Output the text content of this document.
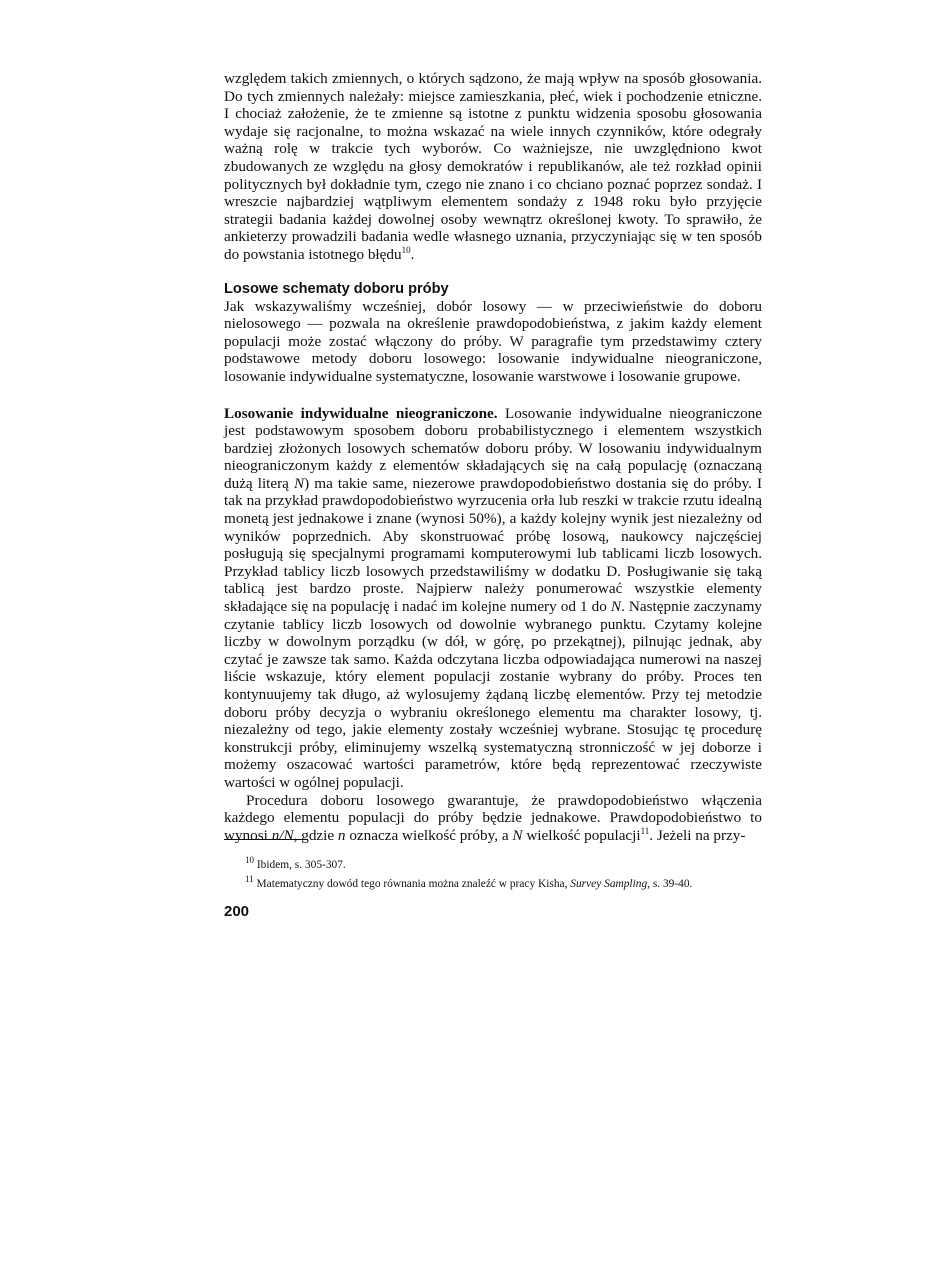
względem takich zmiennych, o których sądzono, że mają wpływ na sposób głosowania. Do tych zmiennych należały: miejsce zamieszkania, płeć, wiek i pochodzenie etniczne. I chociaż założenie, że te zmienne są istotne z punktu widzenia sposobu głosowania wydaje się racjonalne, to można wskazać na wiele innych czynników, które odegrały ważną rolę w trakcie tych wyborów. Co ważniejsze, nie uwzględniono kwot zbudowanych ze względu na głosy demokratów i republikanów, ale też rozkład opinii politycznych był dokładnie tym, czego nie znano i co chciano poznać poprzez sondaż. I wreszcie najbardziej wątpliwym elementem sondaży z 1948 roku było przyjęcie strategii badania każdej dowolnej osoby wewnątrz określonej kwoty. To sprawiło, że ankieterzy prowadzili badania wedle własnego uznania, przyczyniając się w ten sposób do powstania istotnego błędu$^{10}$.

Losowe schematy doboru próby

Jak wskazywaliśmy wcześniej, dobór losowy — w przeciwieństwie do doboru nielosowego — pozwala na określenie prawdopodobieństwa, z jakim każdy element populacji może zostać włączony do próby. W paragrafie tym przedstawimy cztery podstawowe metody doboru losowego: losowanie indywidualne nieograniczone, losowanie indywidualne systematyczne, losowanie warstwowe i losowanie grupowe.

Losowanie indywidualne nieograniczone. Losowanie indywidualne nieograniczone jest podstawowym sposobem doboru probabilistycznego i elementem wszystkich bardziej złożonych losowych schematów doboru próby. W losowaniu indywidualnym nieograniczonym każdy z elementów składających się na całą populację (oznaczaną dużą literą N) ma takie same, niezerowe prawdopodobieństwo dostania się do próby. I tak na przykład prawdopodobieństwo wyrzucenia orła lub reszki w trakcie rzutu idealną monetą jest jednakowe i znane (wynosi 50%), a każdy kolejny wynik jest niezależny od wyników poprzednich. Aby skonstruować próbę losową, naukowcy najczęściej posługują się specjalnymi programami komputerowymi lub tablicami liczb losowych. Przykład tablicy liczb losowych przedstawiliśmy w dodatku D. Posługiwanie się taką tablicą jest bardzo proste. Najpierw należy ponumerować wszystkie elementy składające się na populację i nadać im kolejne numery od 1 do N. Następnie zaczynamy czytanie tablicy liczb losowych od dowolnie wybranego punktu. Czytamy kolejne liczby w dowolnym porządku (w dół, w górę, po przekątnej), pilnując jednak, aby czytać je zawsze tak samo. Każda odczytana liczba odpowiadająca numerowi na naszej liście wskazuje, który element populacji zostanie wybrany do próby. Proces ten kontynuujemy tak długo, aż wylosujemy żądaną liczbę elementów. Przy tej metodzie doboru próby decyzja o wybraniu określonego elementu ma charakter losowy, tj. niezależny od tego, jakie elementy zostały wcześniej wybrane. Stosując tę procedurę konstrukcji próby, eliminujemy wszelką systematyczną stronniczość w jej doborze i możemy oszacować wartości parametrów, które będą reprezentować rzeczywiste wartości w ogólnej populacji.

Procedura doboru losowego gwarantuje, że prawdopodobieństwo włączenia każdego elementu populacji do próby będzie jednakowe. Prawdopodobieństwo to wynosi n/N, gdzie n oznacza wielkość próby, a N wielkość populacji$^{11}$. Jeżeli na przy-

$^{10}$ Ibidem, s. 305-307.

$^{11}$ Matematyczny dowód tego równania można znaleźć w pracy Kisha, Survey Sampling, s. 39-40.

200
